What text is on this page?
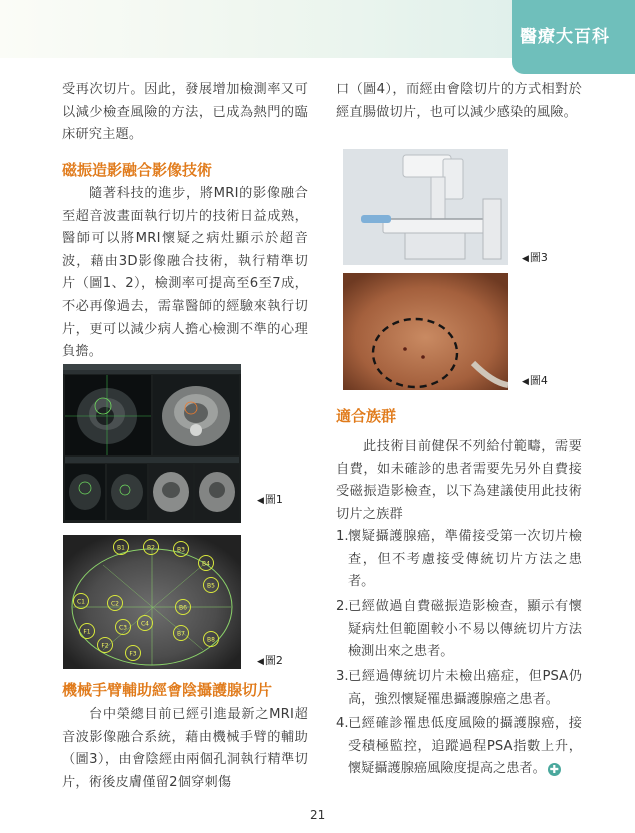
醫療大百科
受再次切片。因此，發展增加檢測率又可以減少檢查風險的方法，已成為熱門的臨床研究主題。
磁振造影融合影像技術
隨著科技的進步，將MRI的影像融合至超音波畫面執行切片的技術日益成熟，醫師可以將MRI懷疑之病灶顯示於超音波，藉由3D影像融合技術，執行精準切片（圖1、2），檢測率可提高至6至7成，不必再像過去，需靠醫師的經驗來執行切片，更可以減少病人擔心檢測不準的心理負擔。
◀圖1
B1	B2	B3
B4
B5
B6
B7
B8
C1	C2
C3
C4
F1
F2
F3
◀圖2
機械手臂輔助經會陰攝護腺切片
台中榮總目前已經引進最新之MRI超音波影像融合系統，藉由機械手臂的輔助（圖3），由會陰經由兩個孔洞執行精準切片，術後皮膚僅留2個穿刺傷
口（圖4），而經由會陰切片的方式相對於經直腸做切片，也可以減少感染的風險。
◀圖3
◀圖4
適合族群
此技術目前健保不列給付範疇，需要自費，如未確診的患者需要先另外自費接受磁振造影檢查，以下為建議使用此技術切片之族群
1. 懷疑攝護腺癌，準備接受第一次切片檢查，但不考慮接受傳統切片方法之患者。
2. 已經做過自費磁振造影檢查，顯示有懷疑病灶但範圍較小不易以傳統切片方法檢測出來之患者。
3. 已經過傳統切片未檢出癌症，但PSA仍高，強烈懷疑罹患攝護腺癌之患者。
4. 已經確診罹患低度風險的攝護腺癌，接受積極監控，追蹤過程PSA指數上升，懷疑攝護腺癌風險度提高之患者。 ✚
21
